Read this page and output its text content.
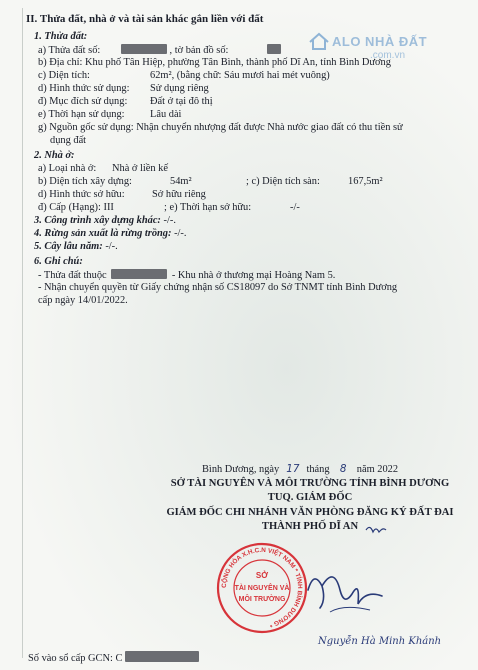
ALO NHÀ ĐẤT
.com.vn
II. Thửa đất, nhà ở và tài sản khác gắn liền với đất
1. Thửa đất:
a) Thửa đất số:	, tờ bản đồ số:
b) Địa chỉ: Khu phố Tân Hiệp, phường Tân Bình, thành phố Dĩ An, tỉnh Bình Dương
c) Diện tích:	62m², (bằng chữ: Sáu mươi hai mét vuông)
d) Hình thức sử dụng: Sử dụng riêng
đ) Mục đích sử dụng: Đất ở tại đô thị
e) Thời hạn sử dụng: Lâu dài
g) Nguồn gốc sử dụng: Nhận chuyển nhượng đất được Nhà nước giao đất có thu tiền sử
dụng đất
2. Nhà ở:
a) Loại nhà ở: Nhà ở liền kế
b) Diện tích xây dựng:	54m²	; c) Diện tích sàn:	167,5m²
d) Hình thức sở hữu:	Sở hữu riêng
đ) Cấp (Hạng): III	; e) Thời hạn sở hữu:	-/-
3. Công trình xây dựng khác: -/-.
4. Rừng sản xuất là rừng trồng: -/-.
5. Cây lâu năm: -/-.
6. Ghi chú:
- Thửa đất thuộc	- Khu nhà ở thương mại Hoàng Nam 5.
- Nhận chuyển quyền từ Giấy chứng nhận số CS18097 do Sở TNMT tỉnh Bình Dương
cấp ngày 14/01/2022.
Bình Dương, ngày 17 tháng 8 năm 2022
SỞ TÀI NGUYÊN VÀ MÔI TRƯỜNG TỈNH BÌNH DƯƠNG
TUQ. GIÁM ĐỐC
GIÁM ĐỐC CHI NHÁNH VĂN PHÒNG ĐĂNG KÝ ĐẤT ĐAI
THÀNH PHỐ DĨ AN
CỘNG HÒA X.H.C.N VIỆT NAM * TỈNH BÌNH DƯƠNG *
SỞ
TÀI NGUYÊN VÀ
MÔI TRƯỜNG
Nguyễn Hà Minh Khánh
Số vào sổ cấp GCN: C
